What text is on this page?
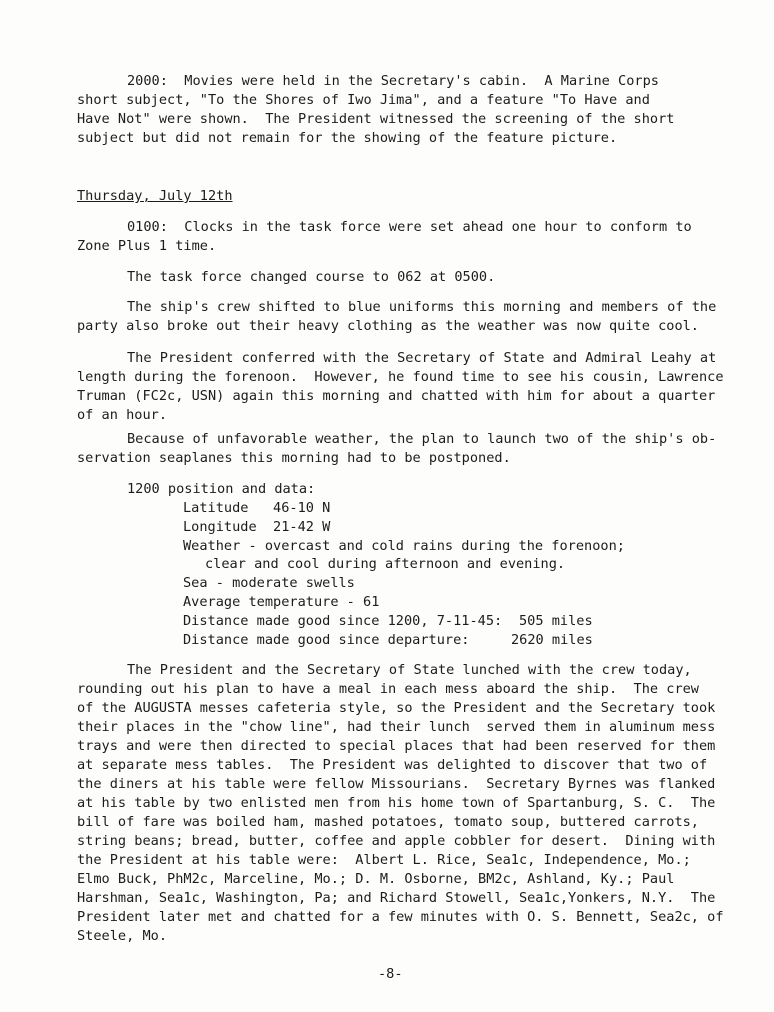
2000:  Movies were held in the Secretary's cabin.  A Marine Corps
short subject, "To the Shores of Iwo Jima", and a feature "To Have and
Have Not" were shown.  The President witnessed the screening of the short
subject but did not remain for the showing of the feature picture.
Thursday, July 12th
0100:  Clocks in the task force were set ahead one hour to conform to
Zone Plus 1 time.
The task force changed course to 062 at 0500.
The ship's crew shifted to blue uniforms this morning and members of the
party also broke out their heavy clothing as the weather was now quite cool.
The President conferred with the Secretary of State and Admiral Leahy at
length during the forenoon.  However, he found time to see his cousin, Lawrence
Truman (FC2c, USN) again this morning and chatted with him for about a quarter
of an hour.
Because of unfavorable weather, the plan to launch two of the ship's ob-
servation seaplanes this morning had to be postponed.
1200 position and data:
Latitude   46-10 N
Longitude  21-42 W
Weather - overcast and cold rains during the forenoon;
clear and cool during afternoon and evening.
Sea - moderate swells
Average temperature - 61
Distance made good since 1200, 7-11-45: 505 miles
Distance made good since departure:	2620 miles
The President and the Secretary of State lunched with the crew today,
rounding out his plan to have a meal in each mess aboard the ship.  The crew
of the AUGUSTA messes cafeteria style, so the President and the Secretary took
their places in the "chow line", had their lunch  served them in aluminum mess
trays and were then directed to special places that had been reserved for them
at separate mess tables.  The President was delighted to discover that two of
the diners at his table were fellow Missourians.  Secretary Byrnes was flanked
at his table by two enlisted men from his home town of Spartanburg, S. C.  The
bill of fare was boiled ham, mashed potatoes, tomato soup, buttered carrots,
string beans; bread, butter, coffee and apple cobbler for desert.  Dining with
the President at his table were:  Albert L. Rice, Sea1c, Independence, Mo.;
Elmo Buck, PhM2c, Marceline, Mo.; D. M. Osborne, BM2c, Ashland, Ky.; Paul
Harshman, Sea1c, Washington, Pa; and Richard Stowell, Sea1c,Yonkers, N.Y.  The
President later met and chatted for a few minutes with O. S. Bennett, Sea2c, of
Steele, Mo.
-8-
